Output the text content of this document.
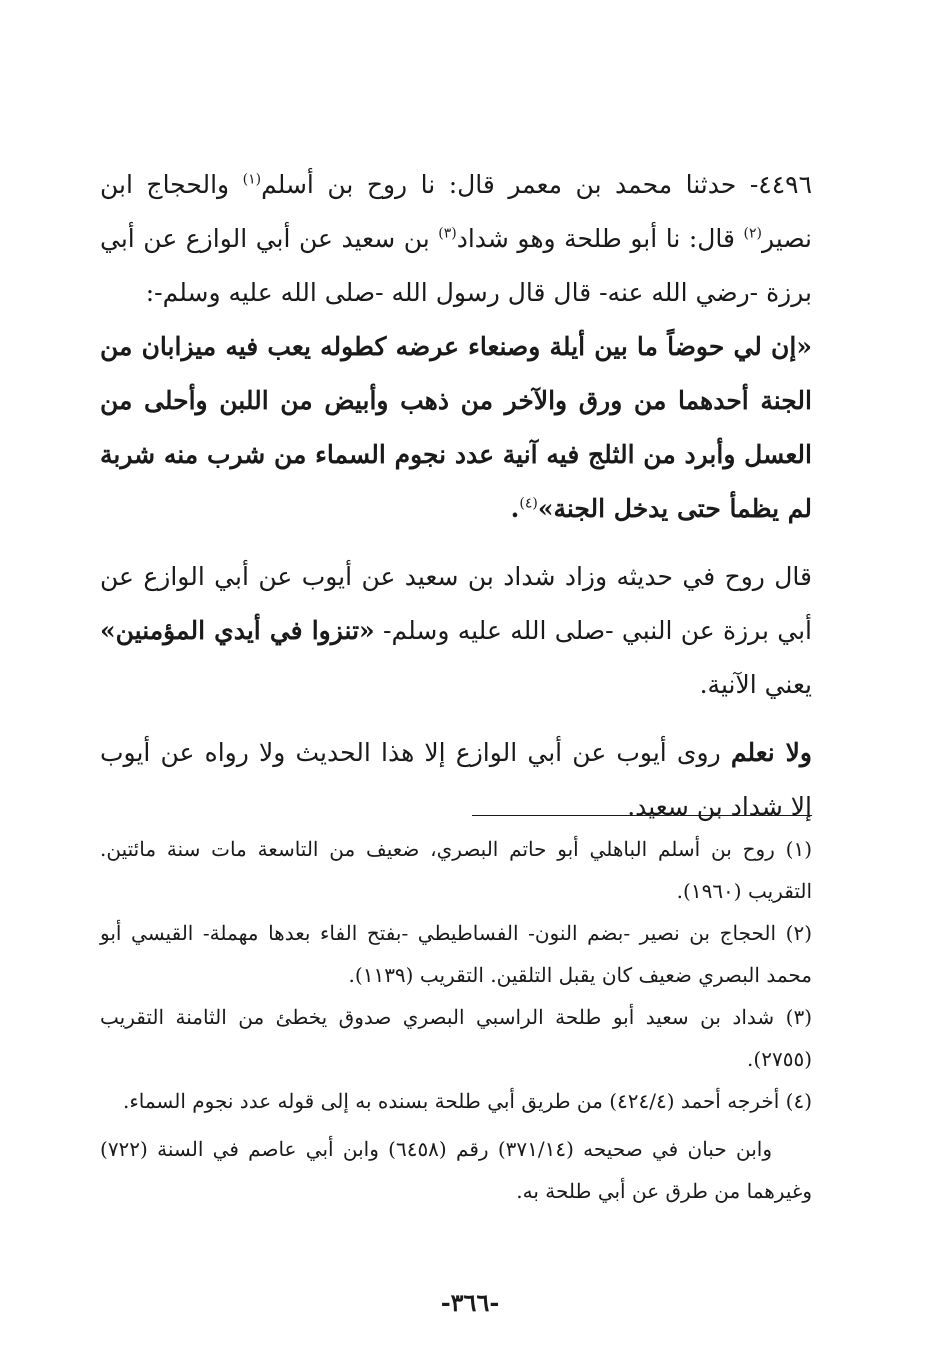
٤٤٩٦- حدثنا محمد بن معمر قال: نا روح بن أسلم$^{(١)}$ والحجاج ابن نصير$^{(٢)}$ قال: نا أبو طلحة وهو شداد$^{(٣)}$ بن سعيد عن أبي الوازع عن أبي برزة -رضي الله عنه- قال قال رسول الله -صلى الله عليه وسلم-:

«إن لي حوضاً ما بين أيلة وصنعاء عرضه كطوله يعب فيه ميزابان من الجنة أحدهما من ورق والآخر من ذهب وأبيض من اللبن وأحلى من العسل وأبرد من الثلج فيه آنية عدد نجوم السماء من شرب منه شربة لم يظمأ حتى يدخل الجنة»$^{(٤)}$.

قال روح في حديثه وزاد شداد بن سعيد عن أيوب عن أبي الوازع عن أبي برزة عن النبي -صلى الله عليه وسلم- «تنزوا في أيدي المؤمنين» يعني الآنية.

ولا نعلم روى أيوب عن أبي الوازع إلا هذا الحديث ولا رواه عن أيوب إلا شداد بن سعيد.

(١) روح بن أسلم الباهلي أبو حاتم البصري، ضعيف من التاسعة مات سنة مائتين. التقريب (١٩٦٠).

(٢) الحجاج بن نصير -بضم النون- الفساطيطي -بفتح الفاء بعدها مهملة- القيسي أبو محمد البصري ضعيف كان يقبل التلقين. التقريب (١١٣٩).

(٣) شداد بن سعيد أبو طلحة الراسبي البصري صدوق يخطئ من الثامنة التقريب (٢٧٥٥).

(٤) أخرجه أحمد (٤٢٤/٤) من طريق أبي طلحة بسنده به إلى قوله عدد نجوم السماء.

وابن حبان في صحيحه (٣٧١/١٤) رقم (٦٤٥٨) وابن أبي عاصم في السنة (٧٢٢) وغيرهما من طرق عن أبي طلحة به.

-٣٦٦-
